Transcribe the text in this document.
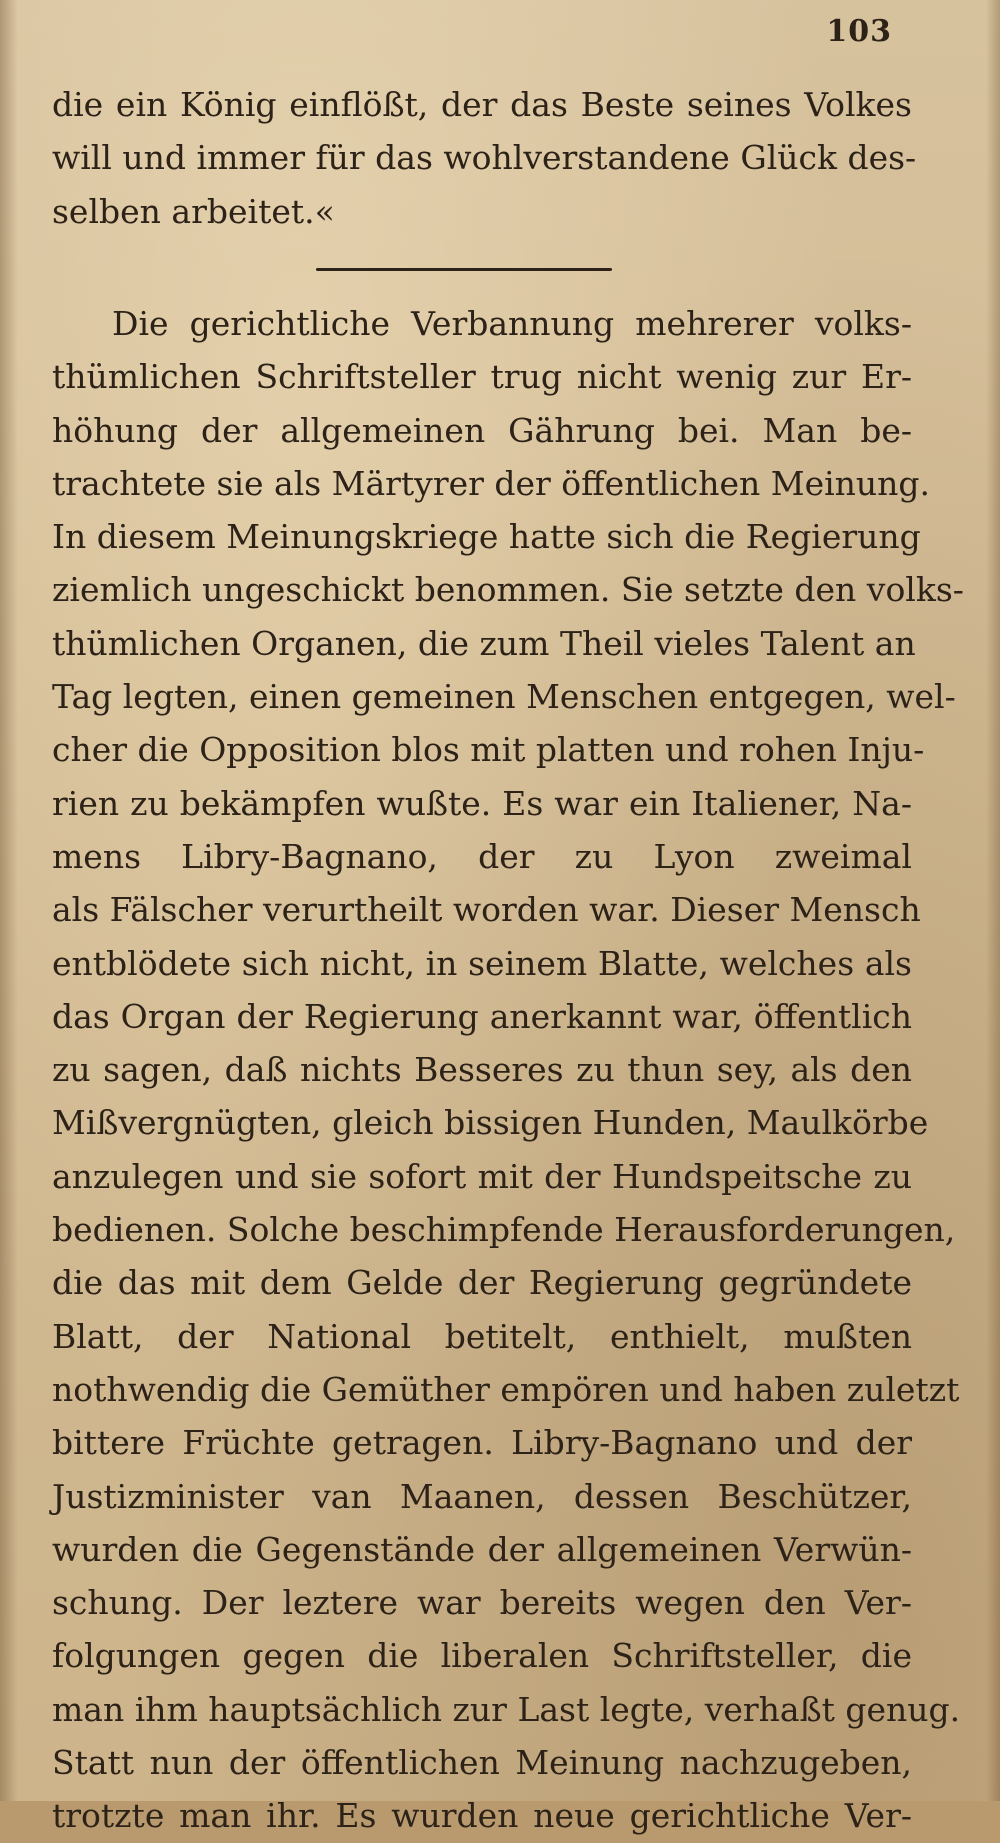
103
die ein König einflößt, der das Beste seines Volkes
will und immer für das wohlverstandene Glück des-
selben arbeitet.«
Die gerichtliche Verbannung mehrerer volks-
thümlichen Schriftsteller trug nicht wenig zur Er-
höhung der allgemeinen Gährung bei. Man be-
trachtete sie als Märtyrer der öffentlichen Meinung.
In diesem Meinungskriege hatte sich die Regierung
ziemlich ungeschickt benommen. Sie setzte den volks-
thümlichen Organen, die zum Theil vieles Talent an
Tag legten, einen gemeinen Menschen entgegen, wel-
cher die Opposition blos mit platten und rohen Inju-
rien zu bekämpfen wußte. Es war ein Italiener, Na-
mens Libry-Bagnano, der zu Lyon zweimal
als Fälscher verurtheilt worden war. Dieser Mensch
entblödete sich nicht, in seinem Blatte, welches als
das Organ der Regierung anerkannt war, öffentlich
zu sagen, daß nichts Besseres zu thun sey, als den
Mißvergnügten, gleich bissigen Hunden, Maulkörbe
anzulegen und sie sofort mit der Hundspeitsche zu
bedienen. Solche beschimpfende Herausforderungen,
die das mit dem Gelde der Regierung gegründete
Blatt, der National betitelt, enthielt, mußten
nothwendig die Gemüther empören und haben zuletzt
bittere Früchte getragen. Libry-Bagnano und der
Justizminister van Maanen, dessen Beschützer,
wurden die Gegenstände der allgemeinen Verwün-
schung. Der leztere war bereits wegen den Ver-
folgungen gegen die liberalen Schriftsteller, die
man ihm hauptsächlich zur Last legte, verhaßt genug.
Statt nun der öffentlichen Meinung nachzugeben,
trotzte man ihr. Es wurden neue gerichtliche Ver-
